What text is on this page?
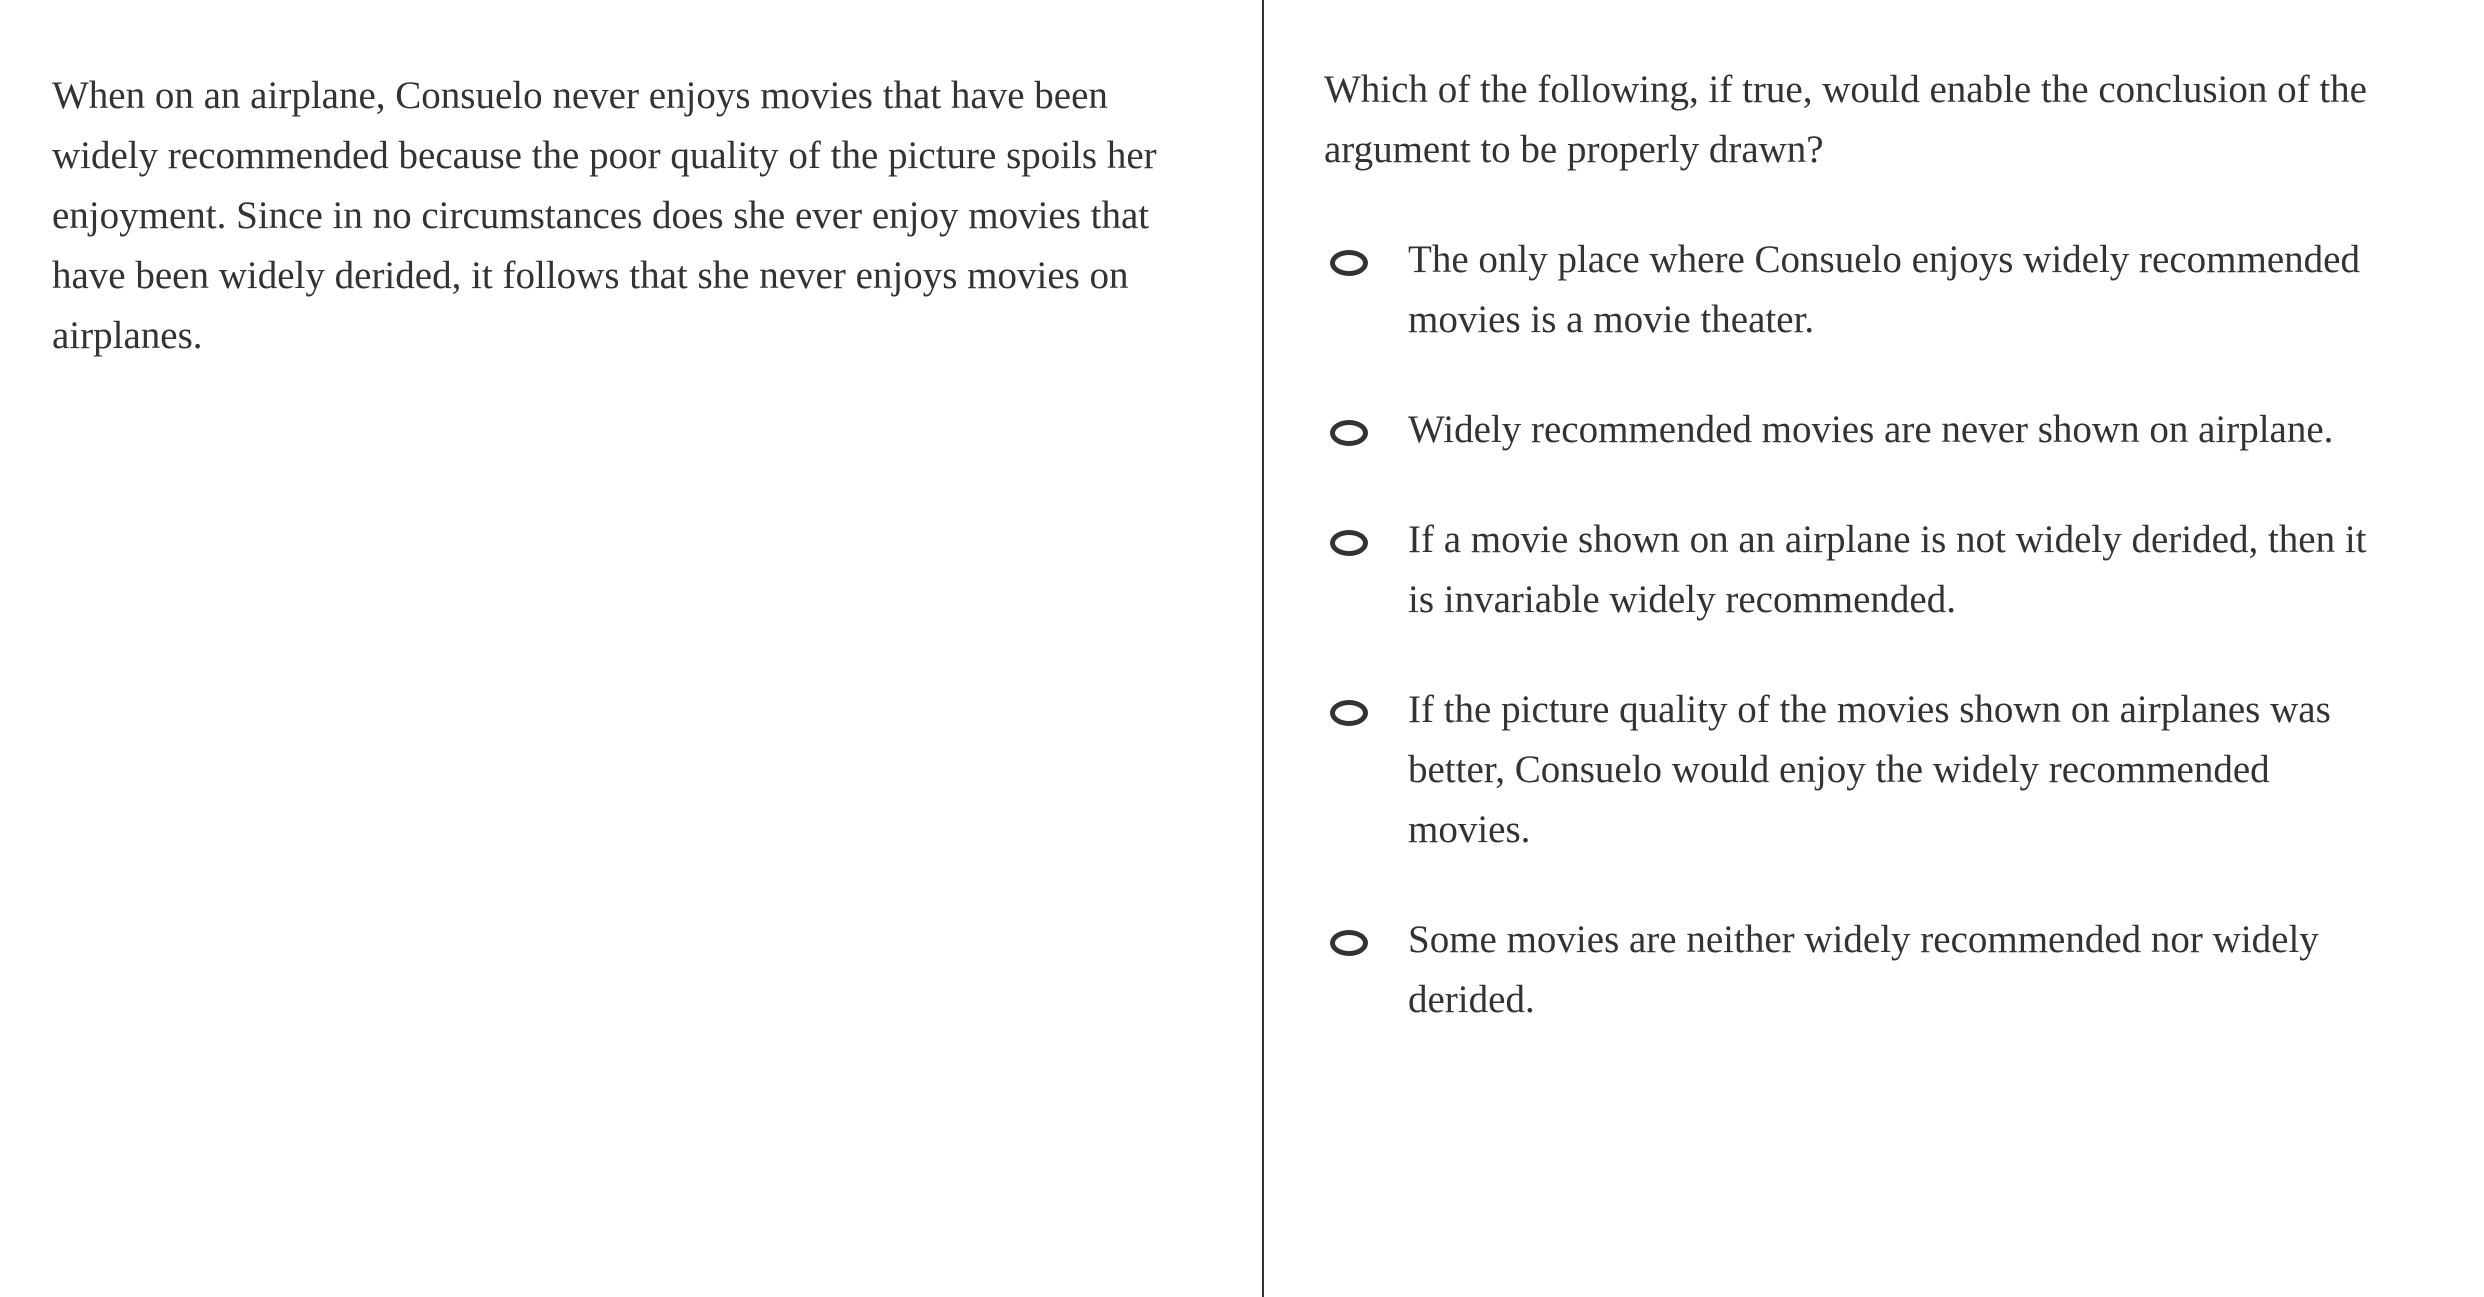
When on an airplane, Consuelo never enjoys movies that have been widely recommended because the poor quality of the picture spoils her enjoyment. Since in no circumstances does she ever enjoy movies that have been widely derided, it follows that she never enjoys movies on airplanes.

Which of the following, if true, would enable the conclusion of the argument to be properly drawn?

The only place where Consuelo enjoys widely recommended movies is a movie theater.
Widely recommended movies are never shown on airplane.
If a movie shown on an airplane is not widely derided, then it is invariable widely recommended.
If the picture quality of the movies shown on airplanes was better, Consuelo would enjoy the widely recommended movies.
Some movies are neither widely recommended nor widely derided.
